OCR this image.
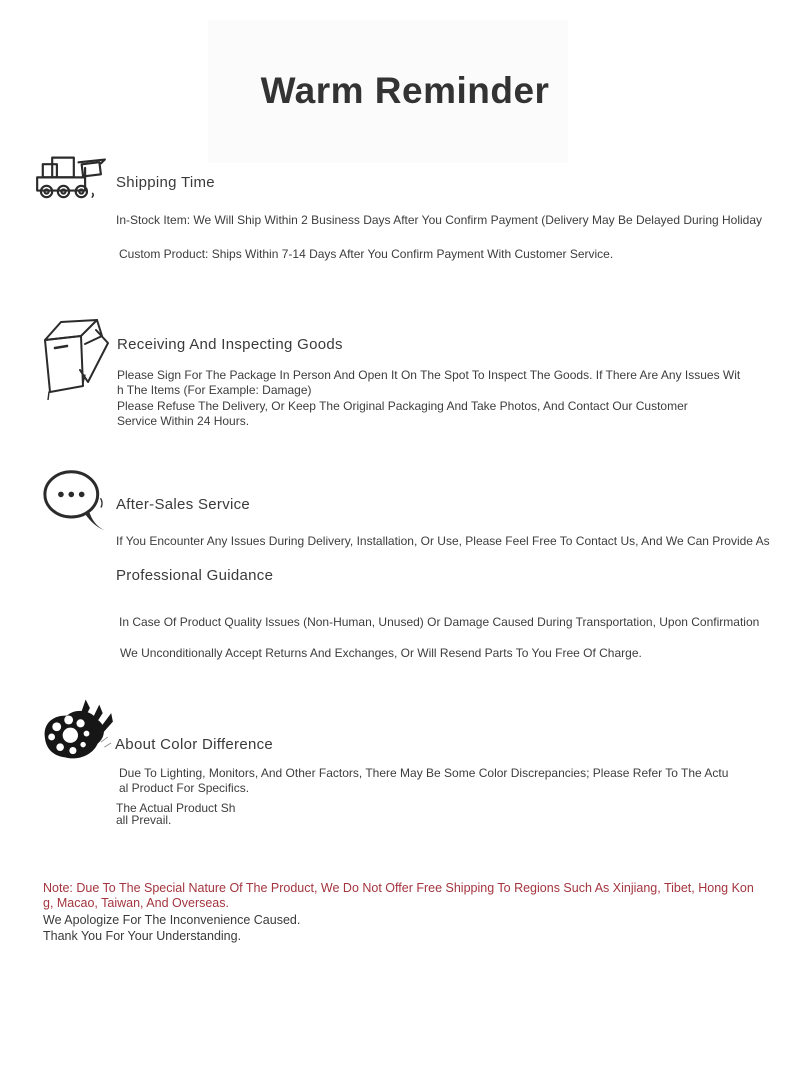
Warm Reminder
Shipping Time
In-Stock Item: We Will Ship Within 2 Business Days After You Confirm Payment (Delivery May Be Delayed During Holiday
Custom Product: Ships Within 7-14 Days After You Confirm Payment With Customer Service.
Receiving And Inspecting Goods
Please Sign For The Package In Person And Open It On The Spot To Inspect The Goods. If There Are Any Issues Wit
h The Items (For Example: Damage)
Please Refuse The Delivery, Or Keep The Original Packaging And Take Photos, And Contact Our Customer
Service Within 24 Hours.
After-Sales Service
If You Encounter Any Issues During Delivery, Installation, Or Use, Please Feel Free To Contact Us, And We Can Provide As
Professional Guidance
In Case Of Product Quality Issues (Non-Human, Unused) Or Damage Caused During Transportation, Upon Confirmation
We Unconditionally Accept Returns And Exchanges, Or Will Resend Parts To You Free Of Charge.
About Color Difference
Due To Lighting, Monitors, And Other Factors, There May Be Some Color Discrepancies; Please Refer To The Actu
al Product For Specifics.
The Actual Product Sh
all Prevail.
Note: Due To The Special Nature Of The Product, We Do Not Offer Free Shipping To Regions Such As Xinjiang, Tibet, Hong Kon
g, Macao, Taiwan, And Overseas.
We Apologize For The Inconvenience Caused.
Thank You For Your Understanding.
